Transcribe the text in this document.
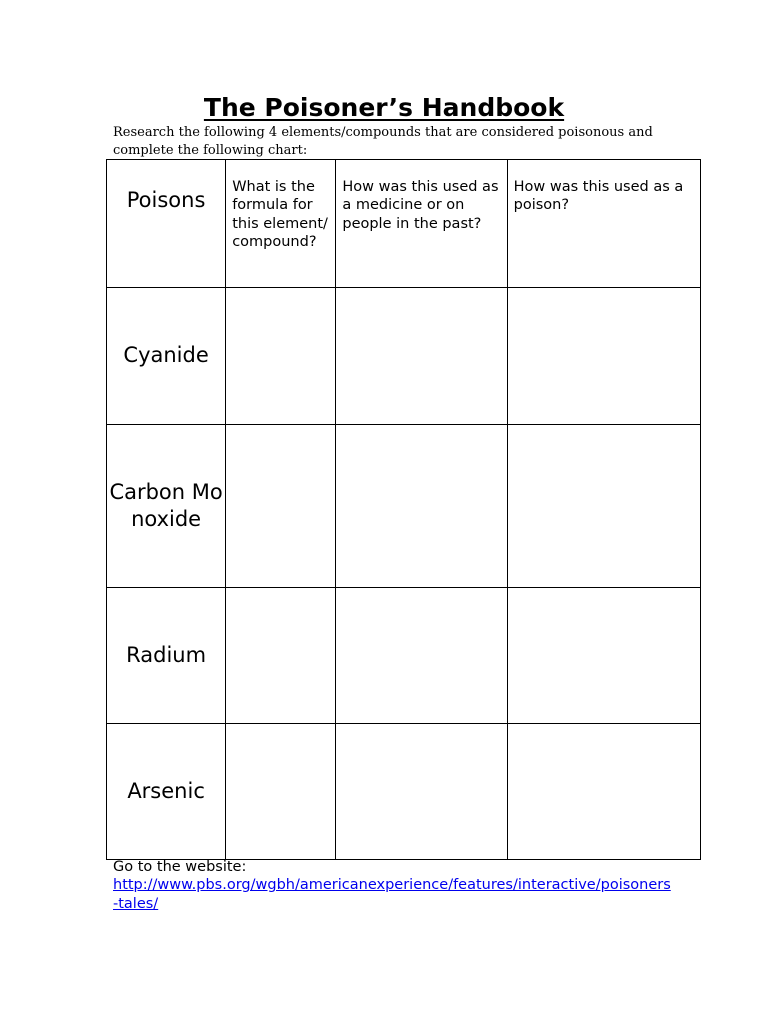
The Poisoner’s Handbook
Research the following 4 elements/compounds that are considered poisonous and complete the following chart:
Poisons	What is the formula for this element/ compound?	How was this used as a medicine or on people in the past?	How was this used as a poison?

Cyanide			
Carbon Monoxide			
Radium			
Arsenic			
Go to the website:
http://www.pbs.org/wgbh/americanexperience/features/interactive/poisoners-tales/
